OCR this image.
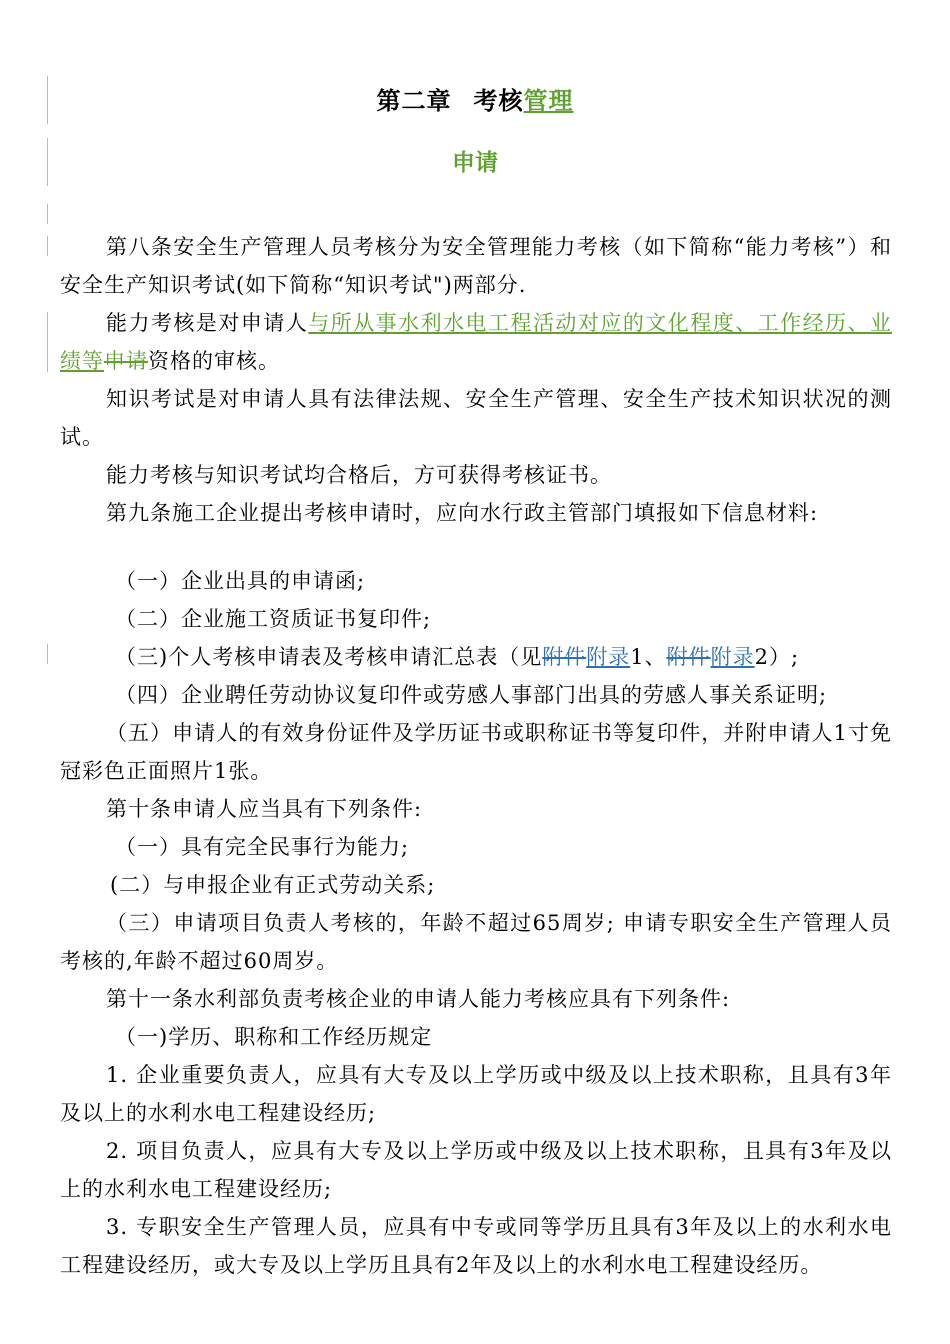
第二章 考核管理
申请

第八条安全生产管理人员考核分为安全管理能力考核（如下简称“能力考核”）和安全生产知识考试(如下简称“知识考试")两部分.

能力考核是对申请人与所从事水利水电工程活动对应的文化程度、工作经历、业绩等申请资格的审核。

知识考试是对申请人具有法律法规、安全生产管理、安全生产技术知识状况的测试。

能力考核与知识考试均合格后，方可获得考核证书。

第九条施工企业提出考核申请时，应向水行政主管部门填报如下信息材料:

（一）企业出具的申请函;

（二）企业施工资质证书复印件;

（三)个人考核申请表及考核申请汇总表（见附件附录1、附件附录2）;

（四）企业聘任劳动协议复印件或劳感人事部门出具的劳感人事关系证明;

（五）申请人的有效身份证件及学历证书或职称证书等复印件，并附申请人1寸免冠彩色正面照片1张。

第十条申请人应当具有下列条件:

（一）具有完全民事行为能力;

(二）与申报企业有正式劳动关系;

（三）申请项目负责人考核的，年龄不超过65周岁; 申请专职安全生产管理人员考核的,年龄不超过60周岁。

第十一条水利部负责考核企业的申请人能力考核应具有下列条件:

（一)学历、职称和工作经历规定

1. 企业重要负责人，应具有大专及以上学历或中级及以上技术职称，且具有3年及以上的水利水电工程建设经历;

2. 项目负责人，应具有大专及以上学历或中级及以上技术职称，且具有3年及以上的水利水电工程建设经历;

3. 专职安全生产管理人员，应具有中专或同等学历且具有3年及以上的水利水电工程建设经历，或大专及以上学历且具有2年及以上的水利水电工程建设经历。
